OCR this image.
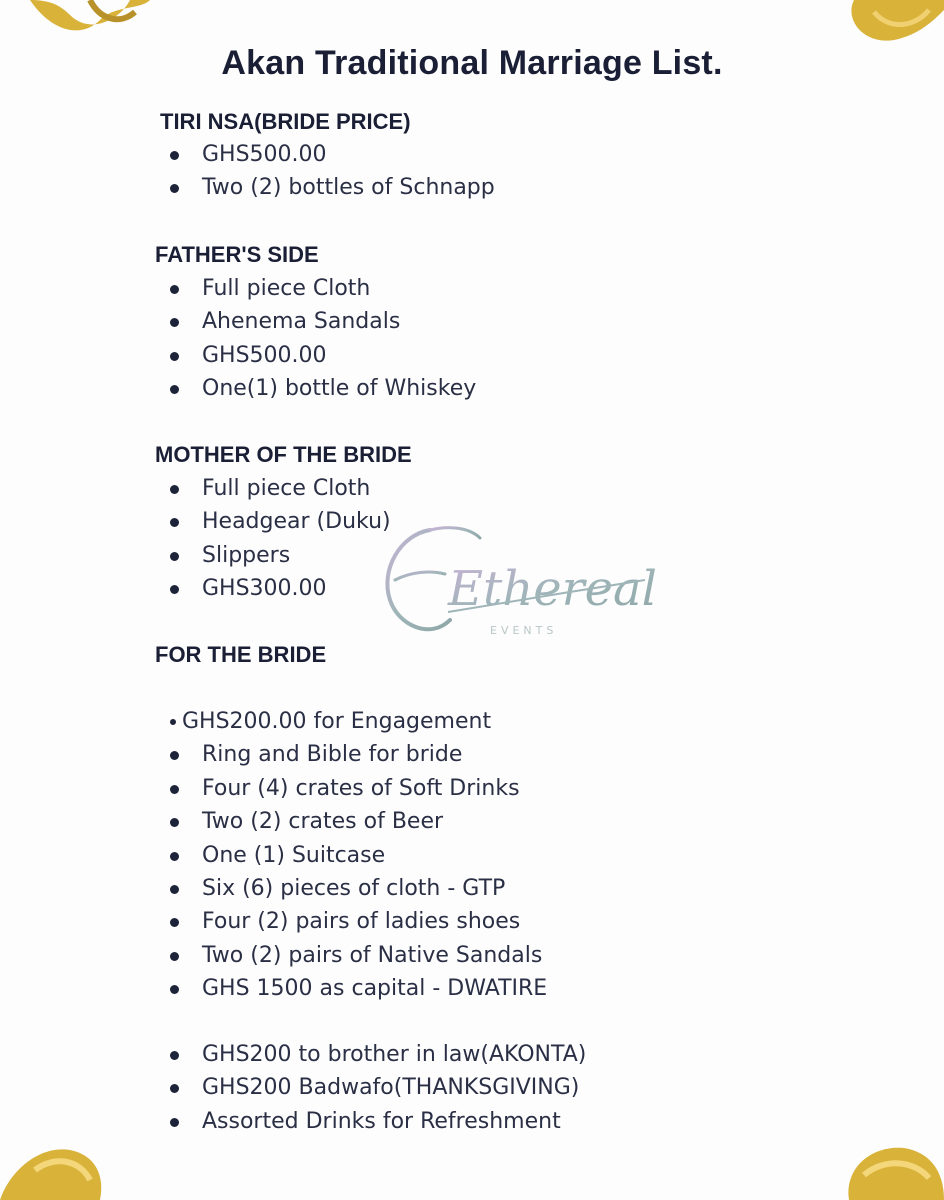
Akan Traditional Marriage List.
TIRI NSA(BRIDE PRICE)
GHS500.00
Two (2) bottles of Schnapp
FATHER'S SIDE
Full piece Cloth
Ahenema Sandals
GHS500.00
One(1) bottle of Whiskey
MOTHER OF THE BRIDE
Full piece Cloth
Headgear (Duku)
Slippers
GHS300.00
FOR THE BRIDE
GHS200.00 for Engagement
Ring and Bible for bride
Four (4) crates of Soft Drinks
Two (2) crates of Beer
One (1) Suitcase
Six (6) pieces of cloth - GTP
Four (2) pairs of ladies shoes
Two (2) pairs of Native Sandals
GHS 1500 as capital - DWATIRE
GHS200 to brother in law(AKONTA)
GHS200 Badwafo(THANKSGIVING)
Assorted Drinks for Refreshment
Ethereal
EVENTS
